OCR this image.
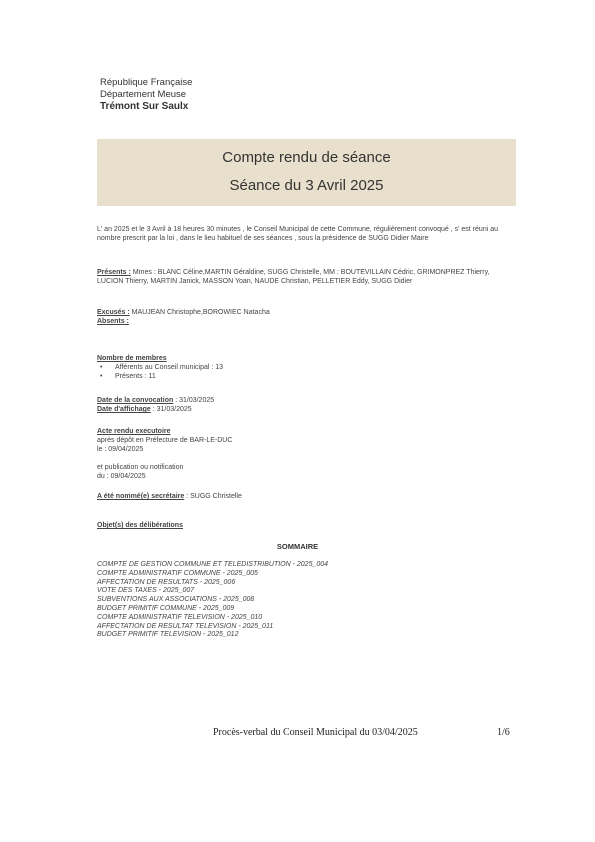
République Française
Département Meuse
Trémont Sur Saulx
Compte rendu de séance
Séance du 3 Avril 2025
L' an 2025 et le 3 Avril à 18 heures 30 minutes , le Conseil Municipal de cette Commune, régulièrement convoqué , s' est réuni au nombre prescrit par la loi , dans le lieu habituel de ses séances , sous la présidence de SUGG Didier Maire
Présents : Mmes : BLANC Céline,MARTIN Géraldine, SUGG Christelle, MM : BOUTEVILLAIN Cédric, GRIMONPREZ Thierry, LUCION Thierry, MARTIN Janick, MASSON Yoan, NAUDE Christian, PELLETIER Eddy, SUGG Didier
Excusés : MAUJEAN Christophe,BOROWIEC Natacha
Absents :
Nombre de membres
• Afférents au Conseil municipal : 13
• Présents : 11
Date de la convocation : 31/03/2025
Date d'affichage : 31/03/2025
Acte rendu executoire
après dépôt en Préfecture de BAR-LE-DUC
le : 09/04/2025
et publication ou notification
du : 09/04/2025
A été nommé(e) secrétaire : SUGG Christelle
Objet(s) des délibérations
SOMMAIRE
COMPTE DE GESTION COMMUNE ET TELEDISTRIBUTION - 2025_004
COMPTE ADMINISTRATIF COMMUNE - 2025_005
AFFECTATION DE RESULTATS - 2025_006
VOTE DES TAXES - 2025_007
SUBVENTIONS AUX ASSOCIATIONS - 2025_008
BUDGET PRIMITIF COMMUNE - 2025_009
COMPTE ADMINISTRATIF TELEVISION - 2025_010
AFFECTATION DE RESULTAT TELEVISION - 2025_011
BUDGET PRIMITIF TELEVISION - 2025_012
Procès-verbal du Conseil Municipal du 03/04/2025	1/6
